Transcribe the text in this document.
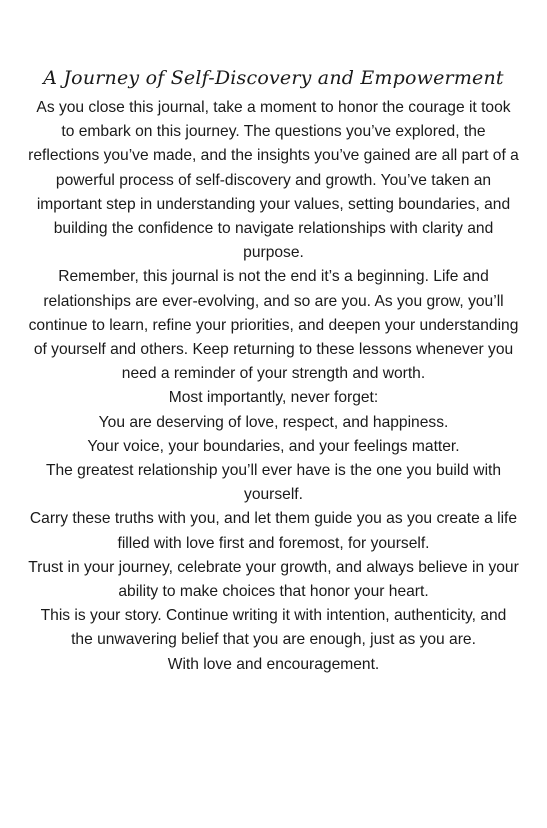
A Journey of Self-Discovery and Empowerment

As you close this journal, take a moment to honor the courage it took to embark on this journey. The questions you’ve explored, the reflections you’ve made, and the insights you’ve gained are all part of a powerful process of self-discovery and growth. You’ve taken an important step in understanding your values, setting boundaries, and building the confidence to navigate relationships with clarity and purpose.

Remember, this journal is not the end it’s a beginning. Life and relationships are ever-evolving, and so are you. As you grow, you’ll continue to learn, refine your priorities, and deepen your understanding of yourself and others. Keep returning to these lessons whenever you need a reminder of your strength and worth.

Most importantly, never forget:

You are deserving of love, respect, and happiness.

Your voice, your boundaries, and your feelings matter.

The greatest relationship you’ll ever have is the one you build with yourself.

Carry these truths with you, and let them guide you as you create a life filled with love first and foremost, for yourself.

Trust in your journey, celebrate your growth, and always believe in your ability to make choices that honor your heart.

This is your story. Continue writing it with intention, authenticity, and the unwavering belief that you are enough, just as you are.

With love and encouragement.
